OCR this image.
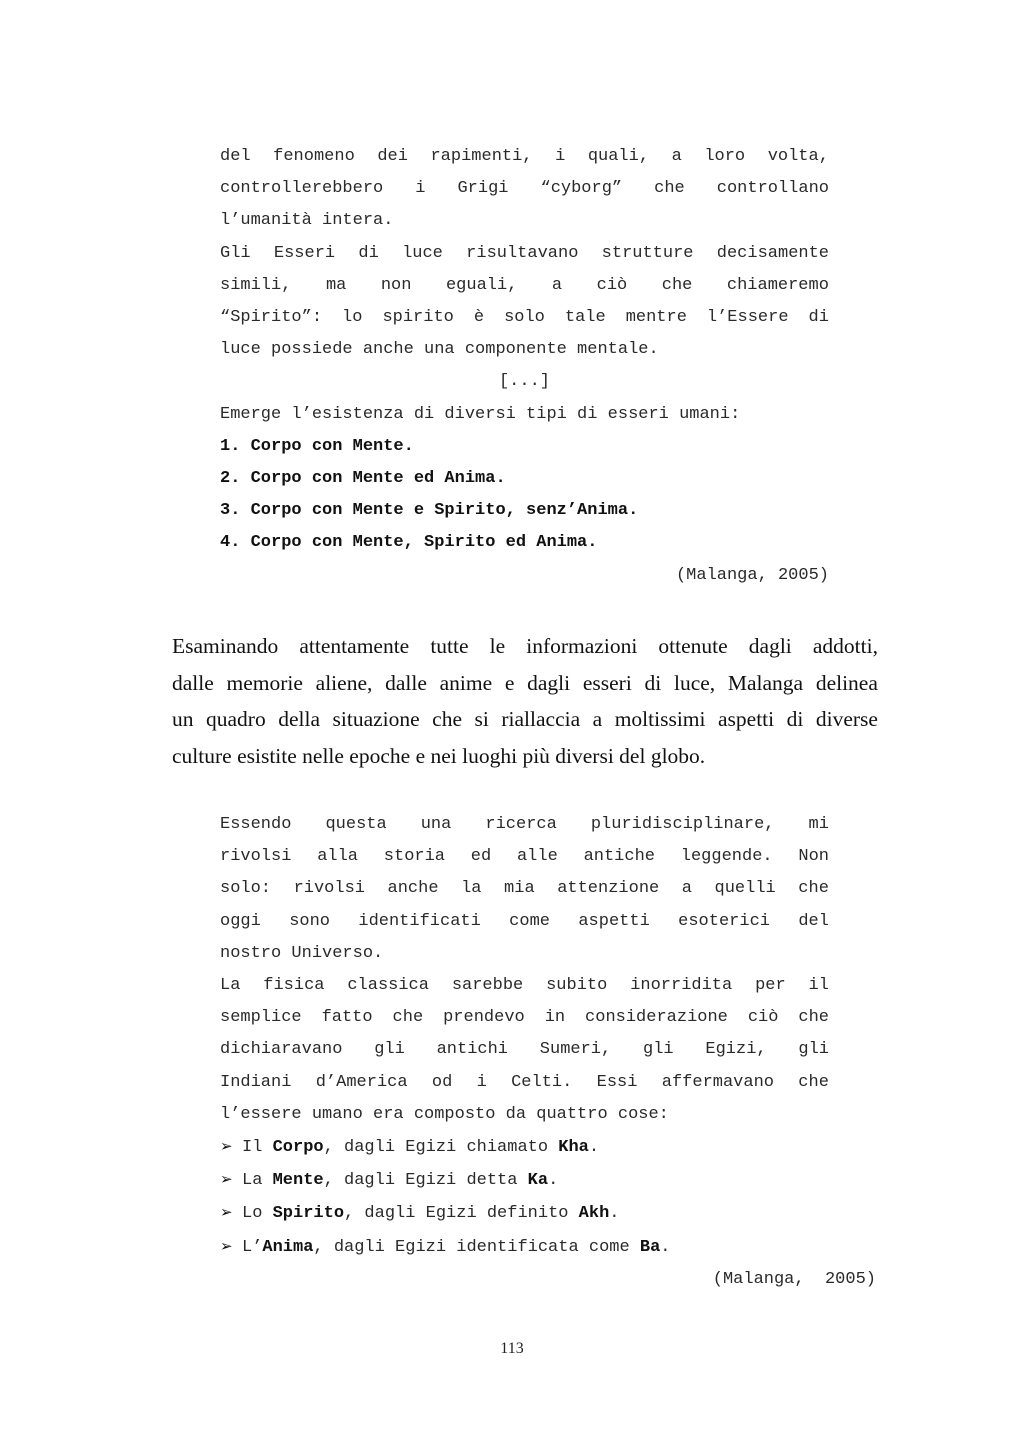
del fenomeno dei rapimenti, i quali, a loro volta,
controllerebbero i Grigi “cyborg” che controllano
l’umanità intera.
Gli Esseri di luce risultavano strutture decisamente
simili, ma non eguali, a ciò che chiameremo
“Spirito”: lo spirito è solo tale mentre l’Essere di
luce possiede anche una componente mentale.
[...]
Emerge l’esistenza di diversi tipi di esseri umani:
1. Corpo con Mente.
2. Corpo con Mente ed Anima.
3. Corpo con Mente e Spirito, senz’Anima.
4. Corpo con Mente, Spirito ed Anima.
(Malanga, 2005)
Esaminando attentamente tutte le informazioni ottenute dagli addotti,
dalle memorie aliene, dalle anime e dagli esseri di luce, Malanga delinea
un quadro della situazione che si riallaccia a moltissimi aspetti di diverse
culture esistite nelle epoche e nei luoghi più diversi del globo.
Essendo questa una ricerca pluridisciplinare, mi
rivolsi alla storia ed alle antiche leggende. Non
solo: rivolsi anche la mia attenzione a quelli che
oggi sono identificati come aspetti esoterici del
nostro Universo.
La fisica classica sarebbe subito inorridita per il
semplice fatto che prendevo in considerazione ciò che
dichiaravano gli antichi Sumeri, gli Egizi, gli
Indiani d’America od i Celti. Essi affermavano che
l’essere umano era composto da quattro cose:
➢ Il Corpo, dagli Egizi chiamato Kha.
➢ La Mente, dagli Egizi detta Ka.
➢ Lo Spirito, dagli Egizi definito Akh.
➢ L’Anima, dagli Egizi identificata come Ba.
(Malanga,  2005)
113
